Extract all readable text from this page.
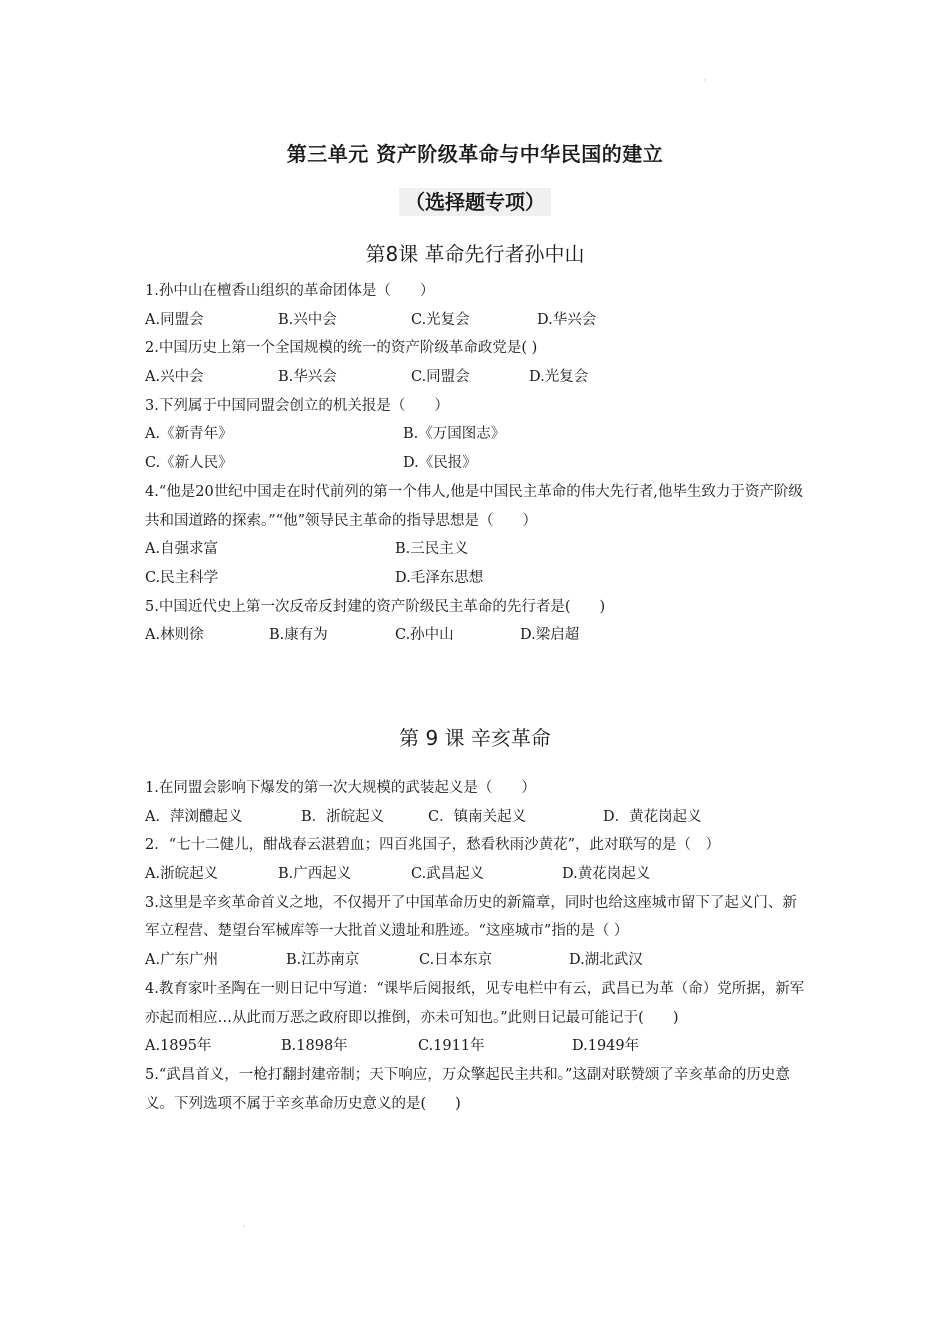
·
第三单元 资产阶级革命与中华民国的建立
（选择题专项）
第8课 革命先行者孙中山
1.孙中山在檀香山组织的革命团体是（　　）
A.同盟会	B.兴中会	C.光复会	D.华兴会
2.中国历史上第一个全国规模的统一的资产阶级革命政党是( )
A.兴中会	B.华兴会	C.同盟会	D.光复会
3.下列属于中国同盟会创立的机关报是（　　）
A.《新青年》	B.《万国图志》
C.《新人民》	D.《民报》
4.“他是20世纪中国走在时代前列的第一个伟人,他是中国民主革命的伟大先行者,他毕生致力于资产阶级共和国道路的探索。”“他”领导民主革命的指导思想是（　　）
A.自强求富	B.三民主义
C.民主科学	D.毛泽东思想
5.中国近代史上第一次反帝反封建的资产阶级民主革命的先行者是(　　)
A.林则徐	B.康有为	C.孙中山	D.梁启超
第 9 课 辛亥革命
1.在同盟会影响下爆发的第一次大规模的武装起义是（　　）
A．萍浏醴起义	B．浙皖起义	C．镇南关起义	D．黄花岗起义
2．“七十二健儿，酣战春云湛碧血；四百兆国子，愁看秋雨沙黄花”，此对联写的是（　）
A.浙皖起义	B.广西起义	C.武昌起义	D.黄花岗起义
3.这里是辛亥革命首义之地，不仅揭开了中国革命历史的新篇章，同时也给这座城市留下了起义门、新军立程营、楚望台军械库等一大批首义遗址和胜迹。“这座城市”指的是（ ）
A.广东广州	B.江苏南京	C.日本东京	D.湖北武汉
4.教育家叶圣陶在一则日记中写道：“课毕后阅报纸，见专电栏中有云，武昌已为革（命）党所据，新军亦起而相应…从此而万恶之政府即以推倒，亦未可知也。”此则日记最可能记于(　　)
A.1895年	B.1898年	C.1911年	D.1949年
5.“武昌首义，一枪打翻封建帝制；天下响应，万众擎起民主共和。”这副对联赞颂了辛亥革命的历史意义。下列选项不属于辛亥革命历史意义的是(　　)
·
